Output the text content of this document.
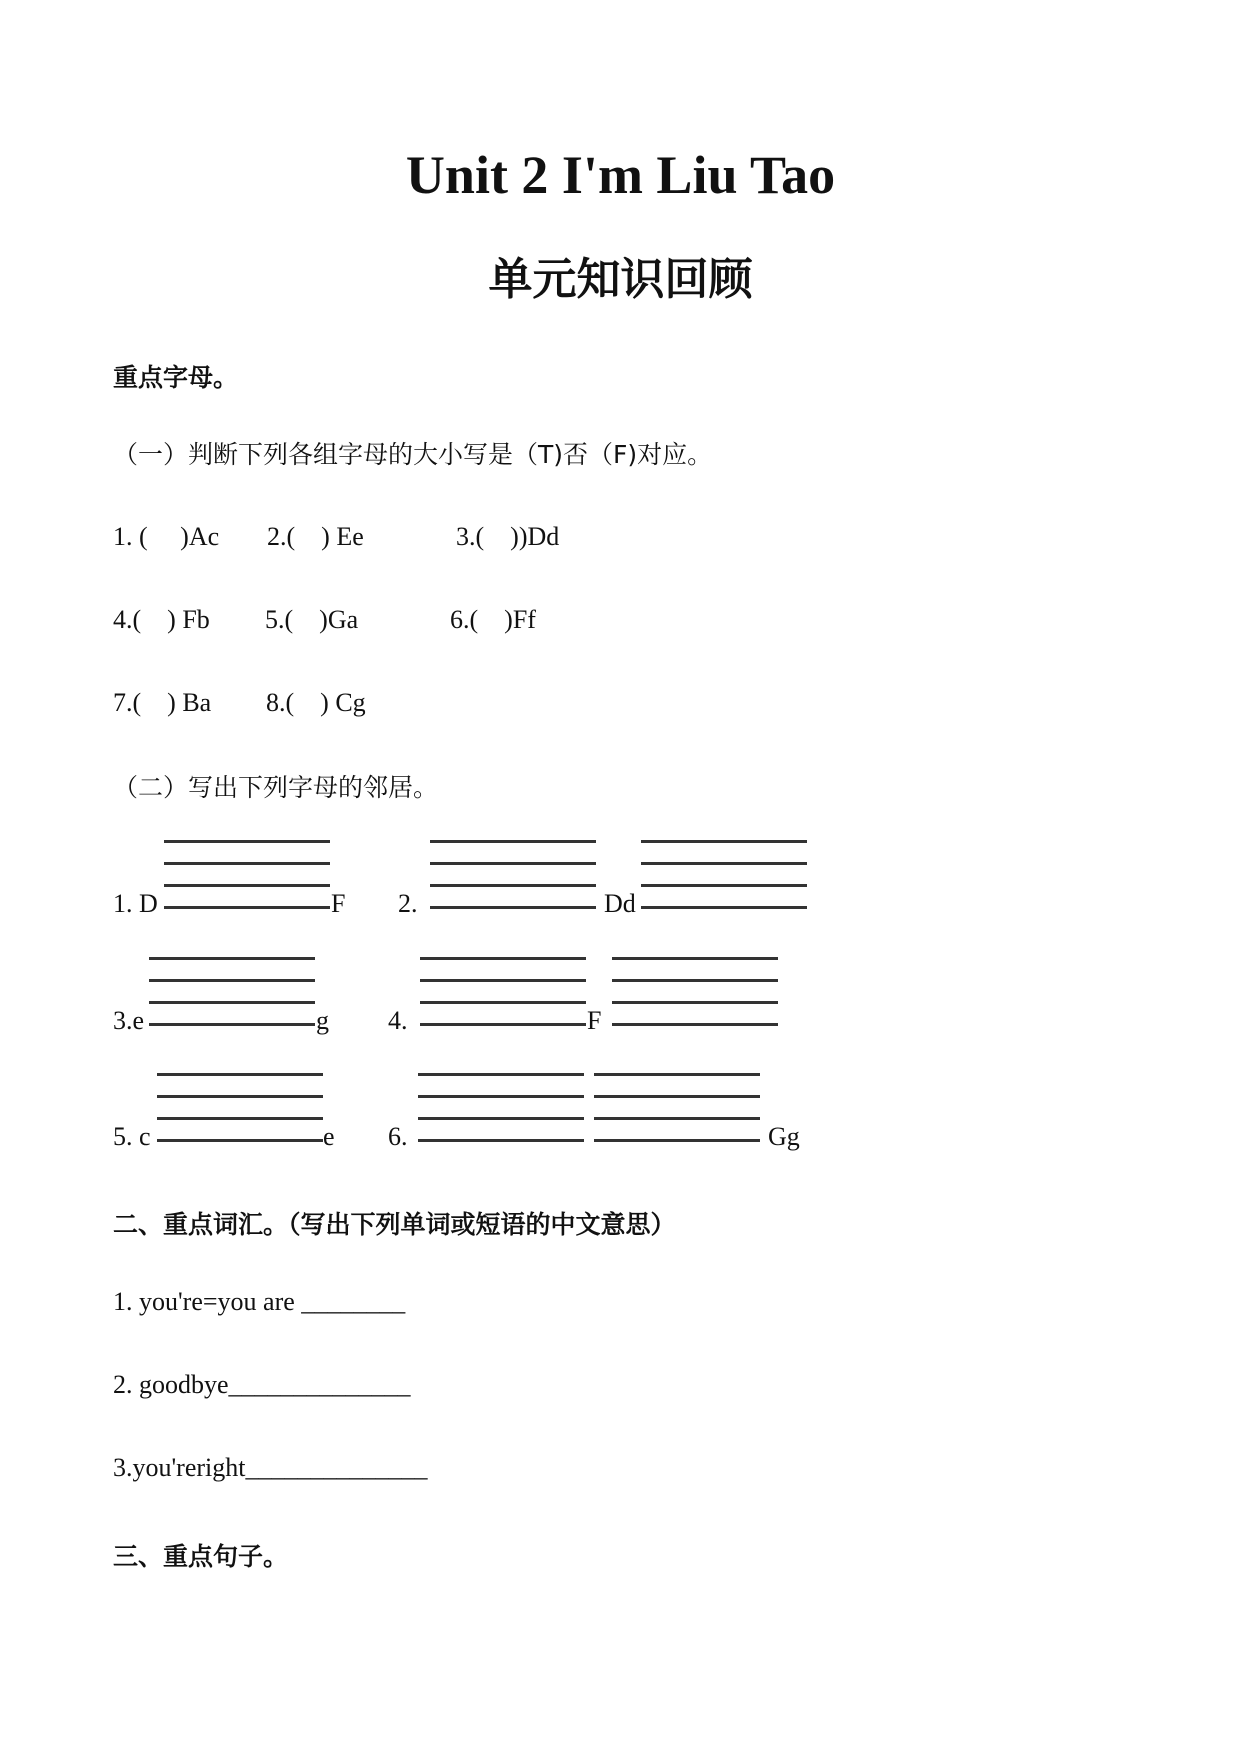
Unit 2 I'm Liu Tao
单元知识回顾
重点字母。
（一）判断下列各组字母的大小写是（T)否（F)对应。
1. (     )Ac 2.(    ) Ee	3.(    ))Dd
4.(    ) Fb 5.(    )Ga	6.(    )Ff
7.(    ) Ba 8.(    ) Cg
（二）写出下列字母的邻居。
1. D	F 2.	Dd
3.e	g 4.	F
5. c	e 6.	Gg
二、重点词汇。（写出下列单词或短语的中文意思）
1. you're=you are ________
2. goodbye______________
3.you'reright______________
三、重点句子。
